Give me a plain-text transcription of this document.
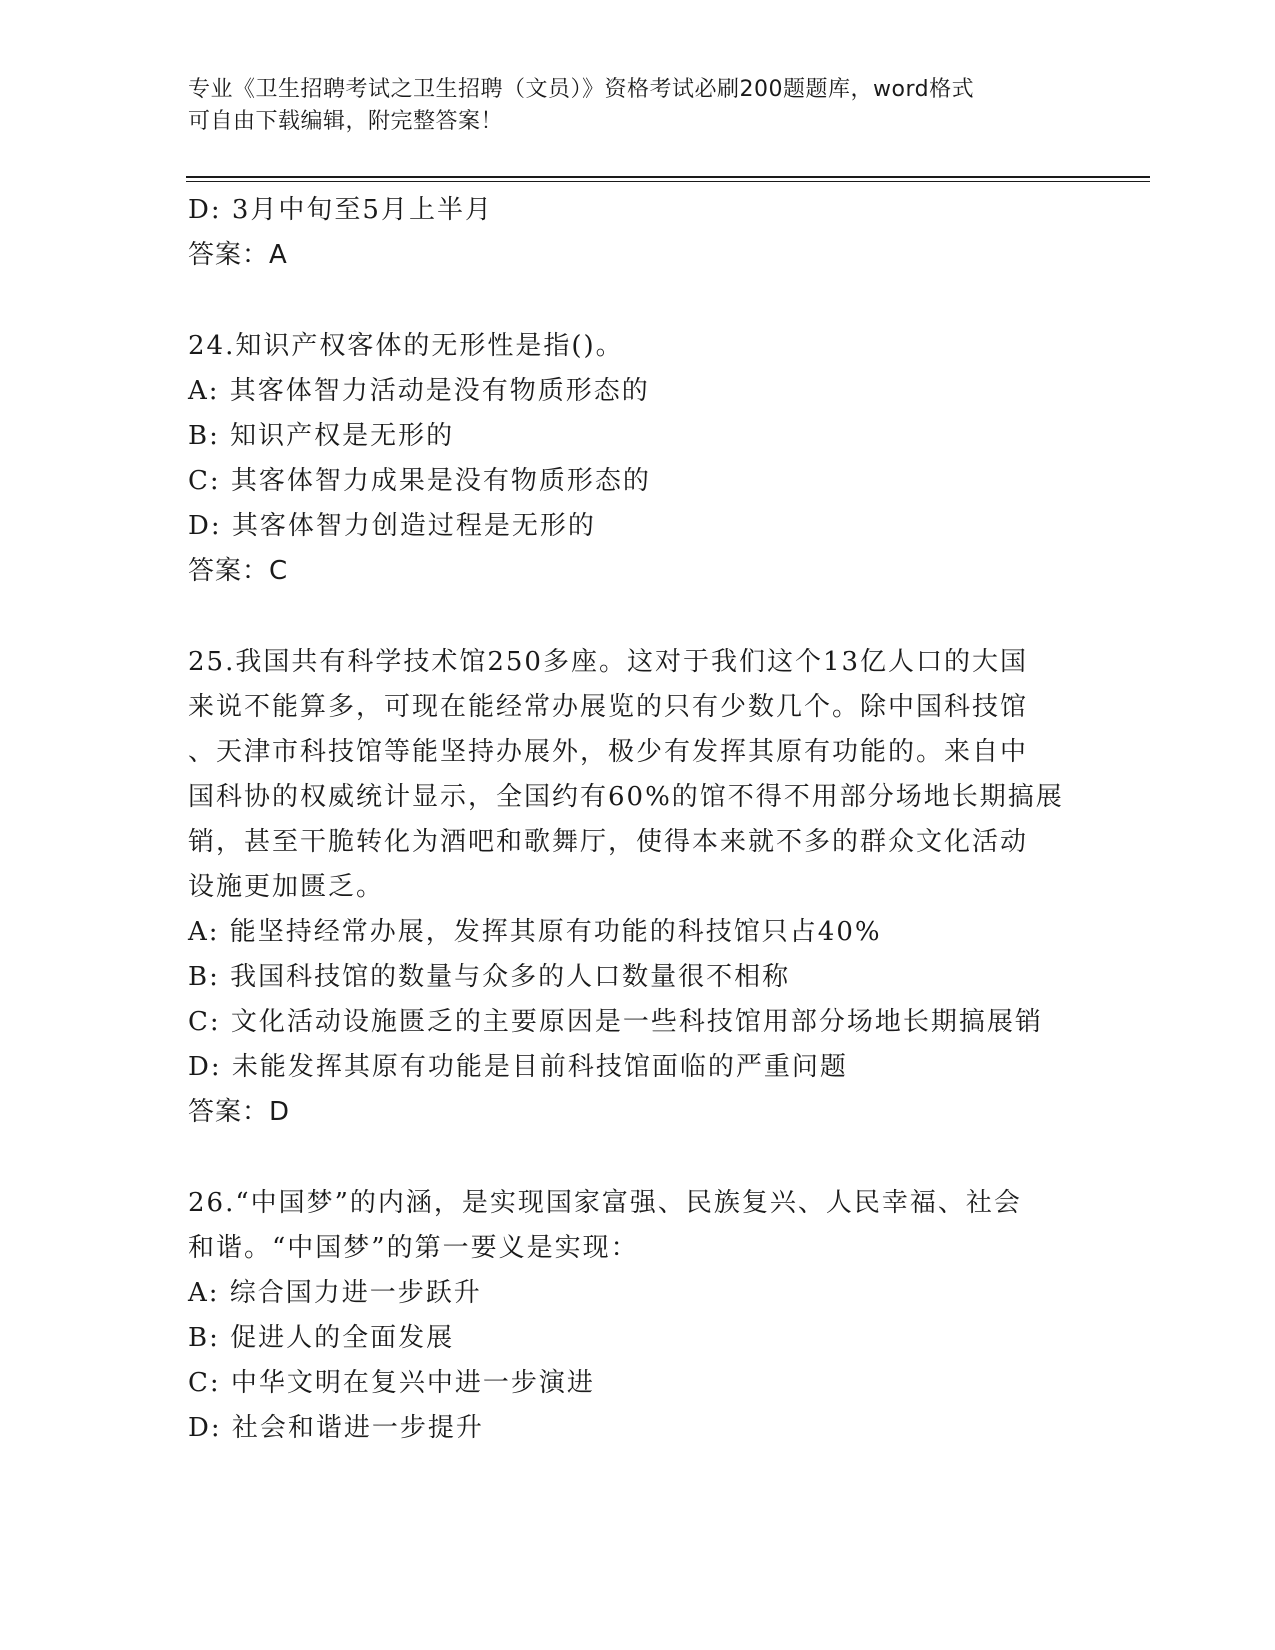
专业《卫生招聘考试之卫生招聘（文员）》资格考试必刷200题题库，word格式
可自由下载编辑，附完整答案！
D: 3月中旬至5月上半月
答案：A
24.知识产权客体的无形性是指()。
A: 其客体智力活动是没有物质形态的
B: 知识产权是无形的
C: 其客体智力成果是没有物质形态的
D: 其客体智力创造过程是无形的
答案：C
25.我国共有科学技术馆250多座。这对于我们这个13亿人口的大国
来说不能算多，可现在能经常办展览的只有少数几个。除中国科技馆
、天津市科技馆等能坚持办展外，极少有发挥其原有功能的。来自中
国科协的权威统计显示，全国约有60%的馆不得不用部分场地长期搞展
销，甚至干脆转化为酒吧和歌舞厅，使得本来就不多的群众文化活动
设施更加匮乏。
A: 能坚持经常办展，发挥其原有功能的科技馆只占40%
B: 我国科技馆的数量与众多的人口数量很不相称
C: 文化活动设施匮乏的主要原因是一些科技馆用部分场地长期搞展销
D: 未能发挥其原有功能是目前科技馆面临的严重问题
答案：D
26.“中国梦”的内涵，是实现国家富强、民族复兴、人民幸福、社会
和谐。“中国梦”的第一要义是实现：
A: 综合国力进一步跃升
B: 促进人的全面发展
C: 中华文明在复兴中进一步演进
D: 社会和谐进一步提升
